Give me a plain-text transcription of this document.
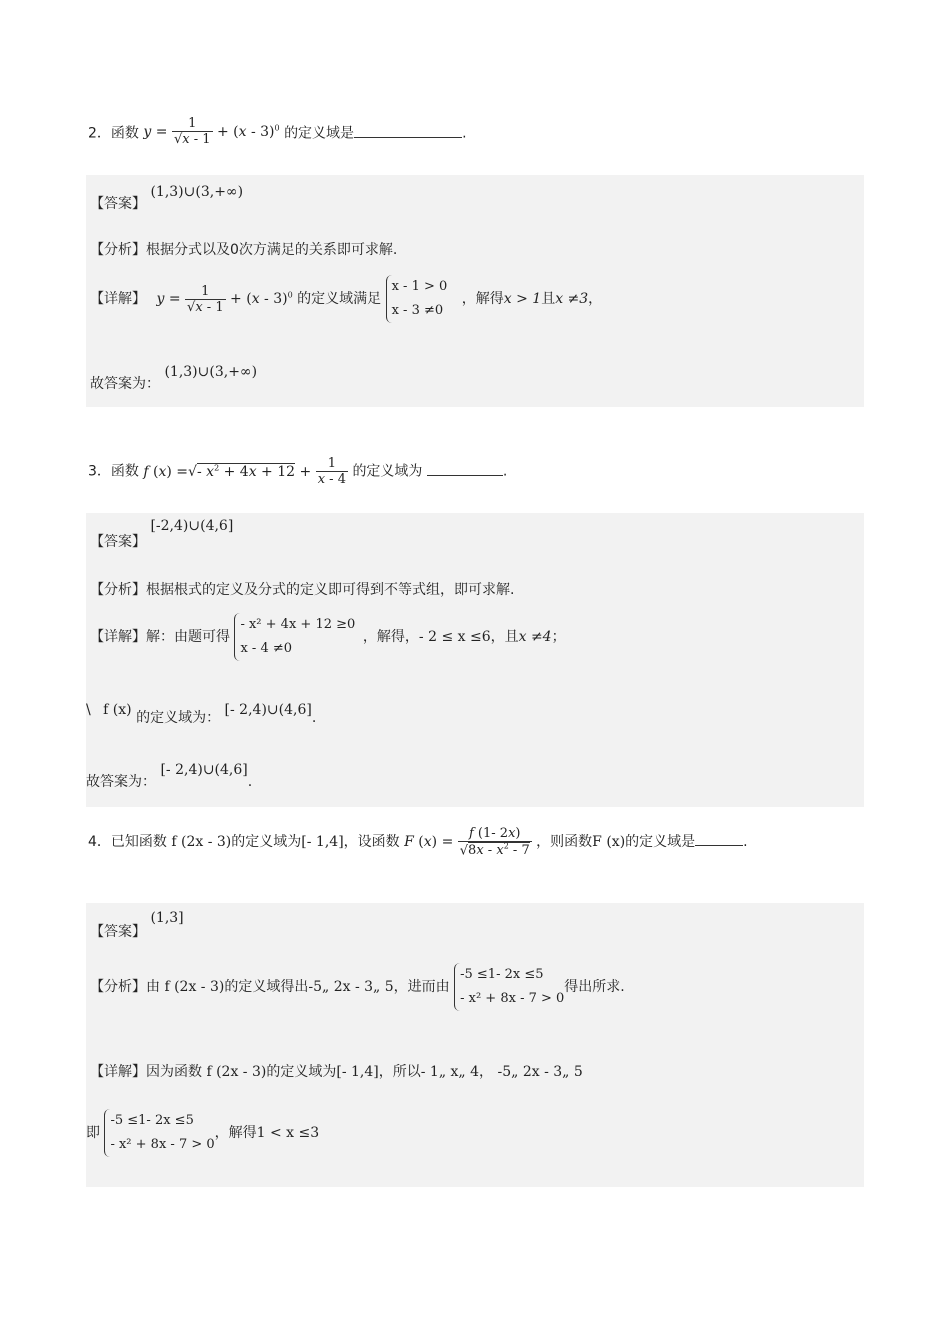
2．函数 $y = \frac{1}{√x - 1} + (x - 3)^0$ 的定义域是	.
【答案】 (1,3)∪(3,+∞)
【分析】根据分式以及0次方满足的关系即可求解.
【详解】 $y = \frac{1}{√x - 1} + (x - 3)^0$ 的定义域满足 x - 1 > 0
x - 3 ≠0 ，解得x > 1且x ≠3，
故答案为： (1,3)∪(3,+∞)
3．函数 f (x) =√- $x^2 + 4x + 12 + \frac{1}{x - 4}$ 的定义域为	.
【答案】 [-2,4)∪(4,6]
【分析】根据根式的定义及分式的定义即可得到不等式组，即可求解.
【详解】解：由题可得 - x² + 4x + 12 ≥0
x - 4 ≠0 ，解得，- 2 ≤ x ≤6，且x ≠4；
\ f (x) 的定义域为： [- 2,4)∪(4,6].
故答案为： [- 2,4)∪(4,6].
4．已知函数 f (2x - 3)的定义域为[- 1,4]，设函数 F $(x) = \frac{f (1- 2x)}{√8x - x^2 - 7}$ ，则函数F (x)的定义域是	.
【答案】 (1,3]
【分析】由 f (2x - 3)的定义域得出-5„ 2x - 3„ 5，进而由 -5 ≤1- 2x ≤5
- x² + 8x - 7 > 0得出所求.
【详解】因为函数 f (2x - 3)的定义域为[- 1,4]，所以- 1„ x„ 4， -5„ 2x - 3„ 5
即 -5 ≤1- 2x ≤5
- x² + 8x - 7 > 0，解得1 < x ≤3
